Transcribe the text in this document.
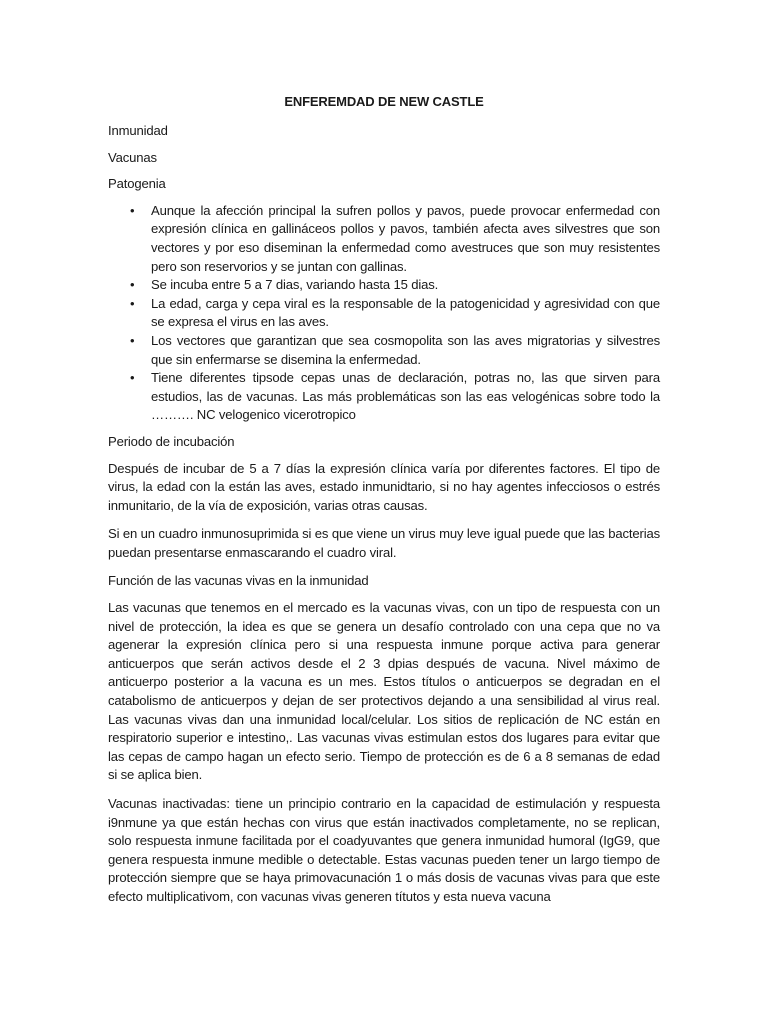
ENFEREMDAD DE NEW CASTLE
Inmunidad
Vacunas
Patogenia
• Aunque la afección principal la sufren pollos y pavos, puede provocar enfermedad con expresión clínica en gallináceos pollos y pavos, también afecta aves silvestres que son vectores y por eso diseminan la enfermedad como avestruces que son muy resistentes pero son reservorios y se juntan con gallinas.
• Se incuba entre 5 a 7 dias, variando hasta 15 dias.
• La edad, carga y cepa viral es la responsable de la patogenicidad y agresividad con que se expresa el virus en las aves.
• Los vectores que garantizan que sea cosmopolita son las aves migratorias y silvestres que sin enfermarse se disemina la enfermedad.
• Tiene diferentes tipsode cepas unas de declaración, potras no, las que sirven para estudios, las de vacunas. Las más problemáticas son las eas velogénicas sobre todo la ………. NC velogenico vicerotropico
Periodo de incubación

Después de incubar de 5 a 7 días la expresión clínica varía por diferentes factores. El tipo de virus, la edad con la están las aves, estado inmunidtario, si no hay agentes infecciosos o estrés inmunitario, de la vía de exposición, varias otras causas.

Si en un cuadro inmunosuprimida si es que viene un virus muy leve igual puede que las bacterias puedan presentarse enmascarando el cuadro viral.

Función de las vacunas vivas en la inmunidad

Las vacunas que tenemos en el mercado es la vacunas vivas, con un tipo de respuesta con un nivel de protección, la idea es que se genera un desafío controlado con una cepa que no va agenerar la expresión clínica pero si una respuesta inmune porque activa para generar anticuerpos que serán activos desde el 2 3 dpias después de vacuna. Nivel máximo de anticuerpo posterior a la vacuna es un mes. Estos títulos o anticuerpos se degradan en el catabolismo de anticuerpos y dejan de ser protectivos dejando a una sensibilidad al virus real. Las vacunas vivas dan una inmunidad local/celular. Los sitios de replicación de NC están en respiratorio superior e intestino,. Las vacunas vivas estimulan estos dos lugares para evitar que las cepas de campo hagan un efecto serio. Tiempo de protección es de 6 a 8 semanas de edad si se aplica bien.

Vacunas inactivadas: tiene un principio contrario en la capacidad de estimulación y respuesta i9nmune ya que están hechas con virus que están inactivados completamente, no se replican, solo respuesta inmune facilitada por el coadyuvantes que genera inmunidad humoral (IgG9, que genera respuesta inmune medible o detectable. Estas vacunas pueden tener un largo tiempo de protección siempre que se haya primovacunación 1 o más dosis de vacunas vivas para que este efecto multiplicativom, con vacunas vivas generen títutos y esta nueva vacuna
